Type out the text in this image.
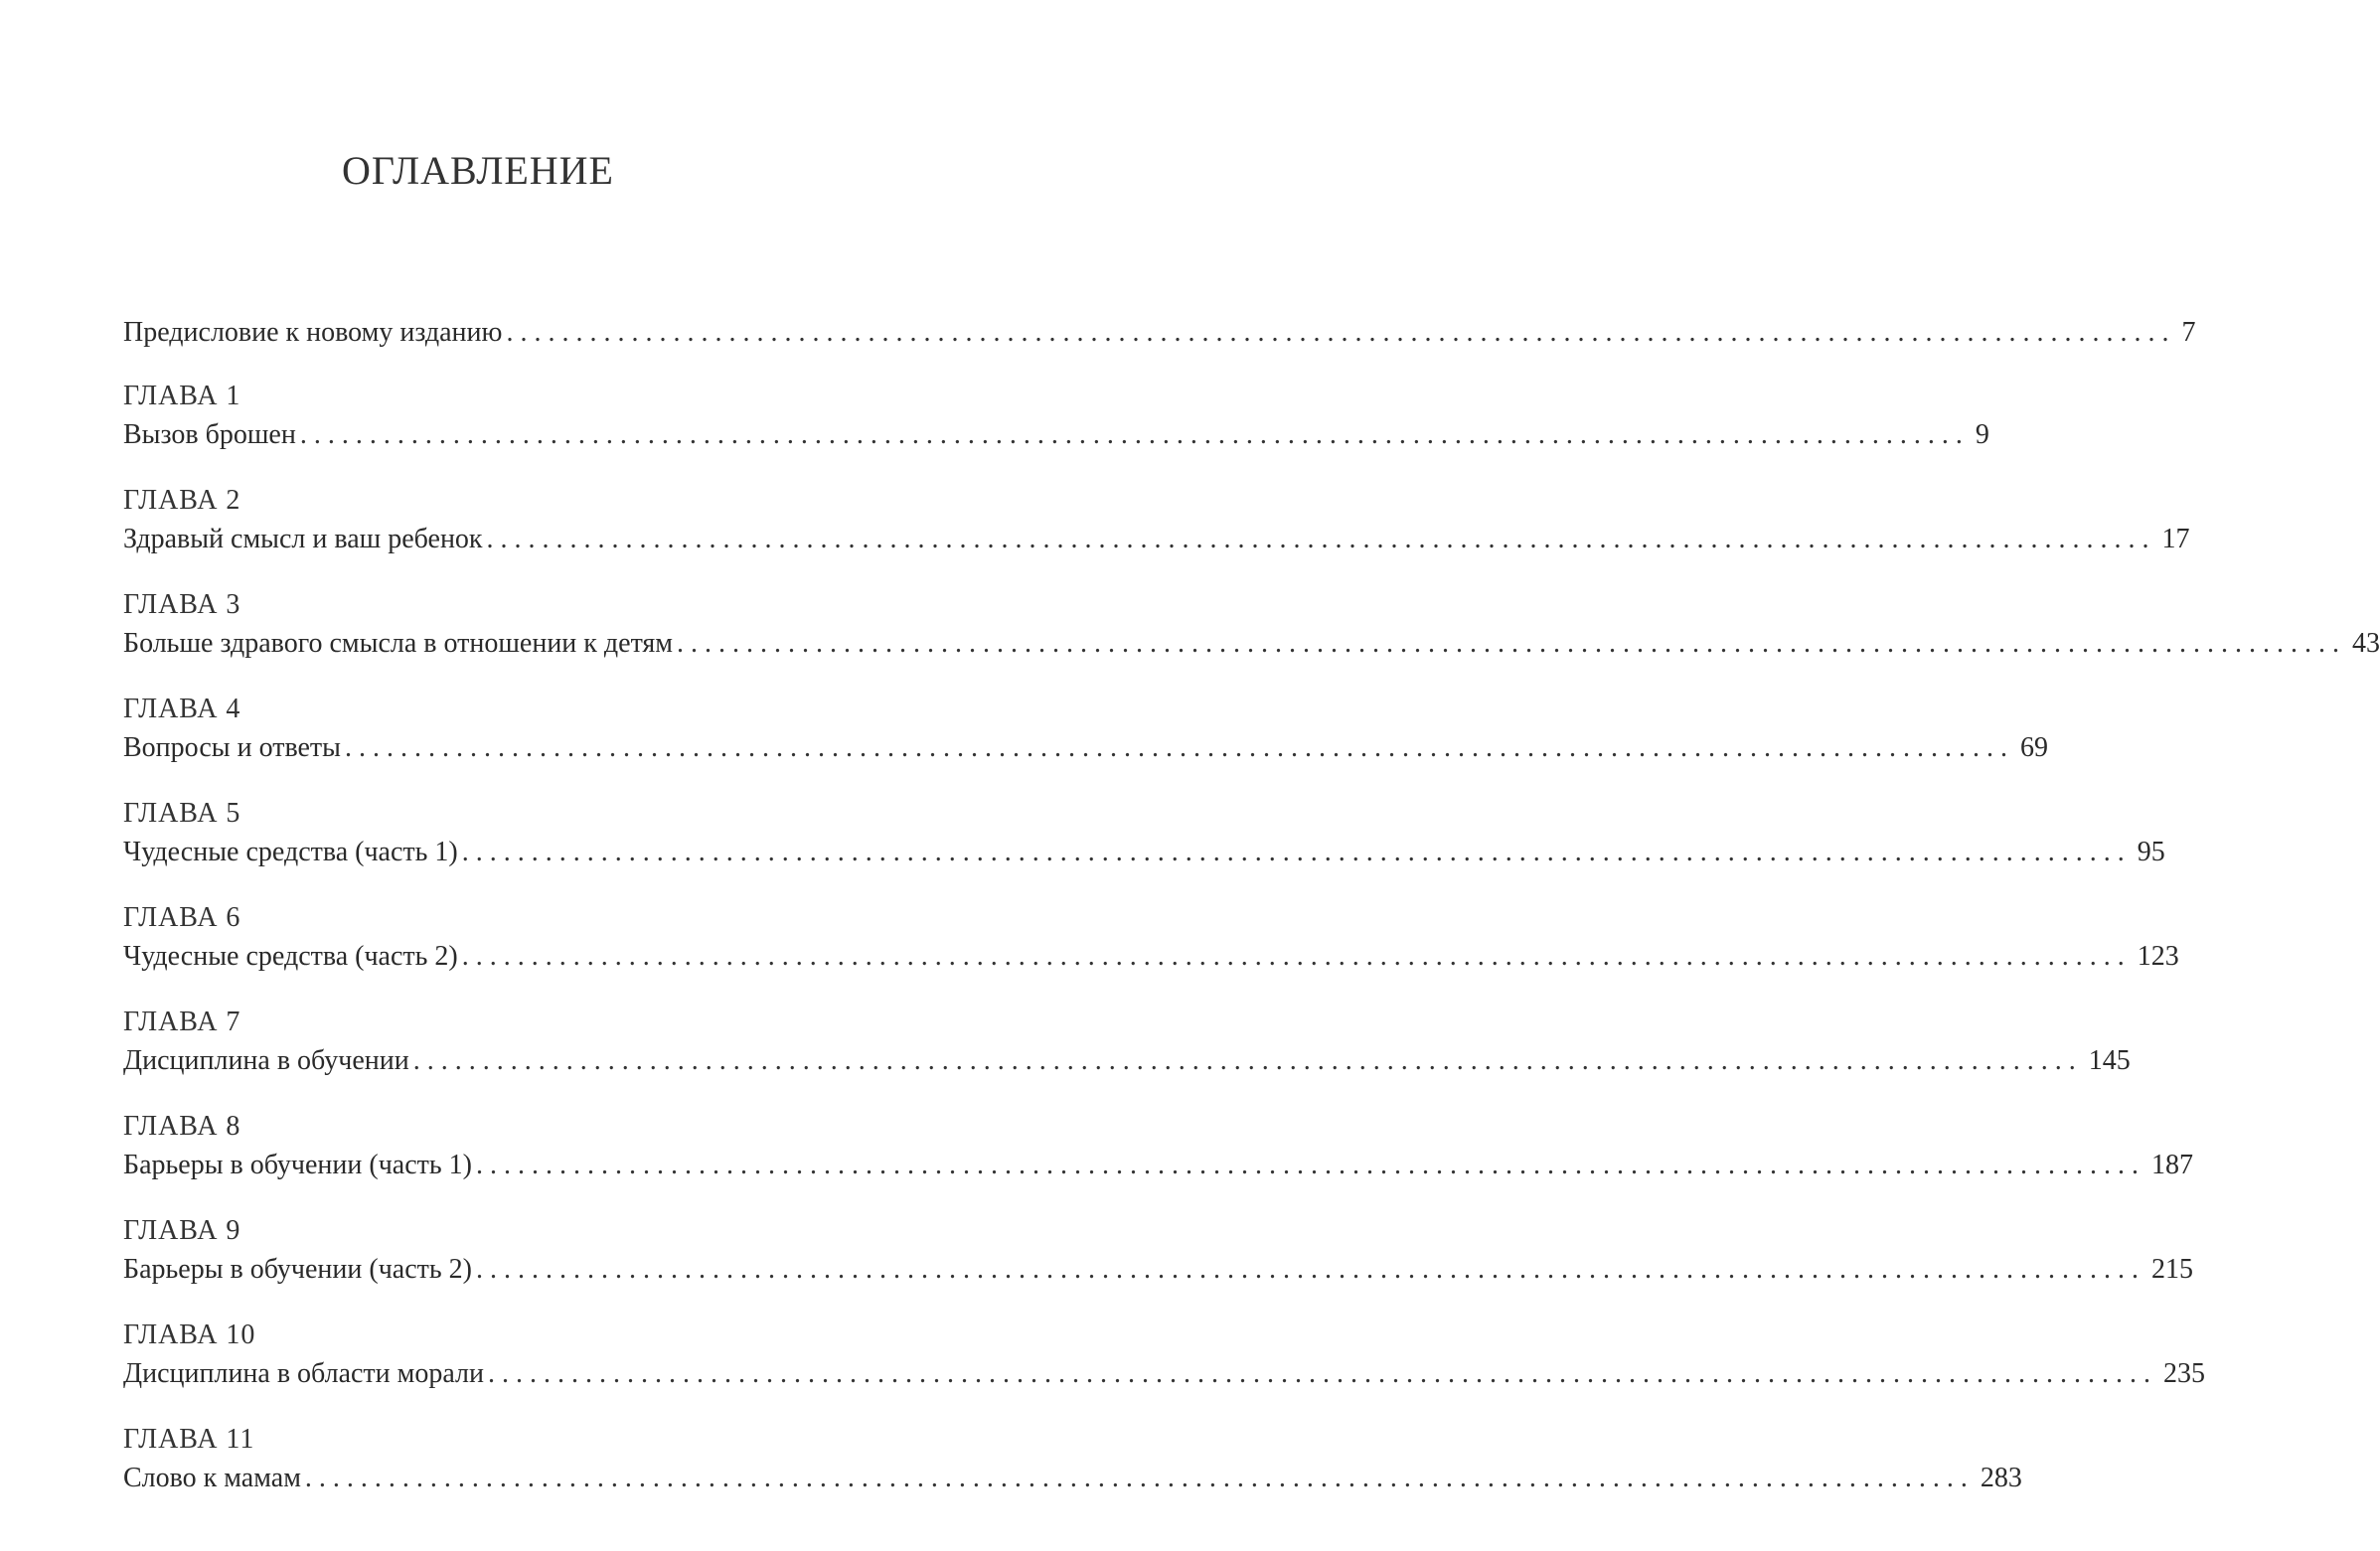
ОГЛАВЛЕНИЕ
Предисловие к новому изданию ........................................................................................................................ 7
ГЛАВА 1
Вызов брошен ........................................................................................................................ 9
ГЛАВА 2
Здравый смысл и ваш ребенок ........................................................................................................................ 17
ГЛАВА 3
Больше здравого смысла в отношении к детям ........................................................................................................................ 43
ГЛАВА 4
Вопросы и ответы ........................................................................................................................ 69
ГЛАВА 5
Чудесные средства (часть 1) ........................................................................................................................ 95
ГЛАВА 6
Чудесные средства (часть 2) ........................................................................................................................ 123
ГЛАВА 7
Дисциплина в обучении ........................................................................................................................ 145
ГЛАВА 8
Барьеры в обучении (часть 1) ........................................................................................................................ 187
ГЛАВА 9
Барьеры в обучении (часть 2) ........................................................................................................................ 215
ГЛАВА 10
Дисциплина в области морали ........................................................................................................................ 235
ГЛАВА 11
Слово к мамам ........................................................................................................................ 283
